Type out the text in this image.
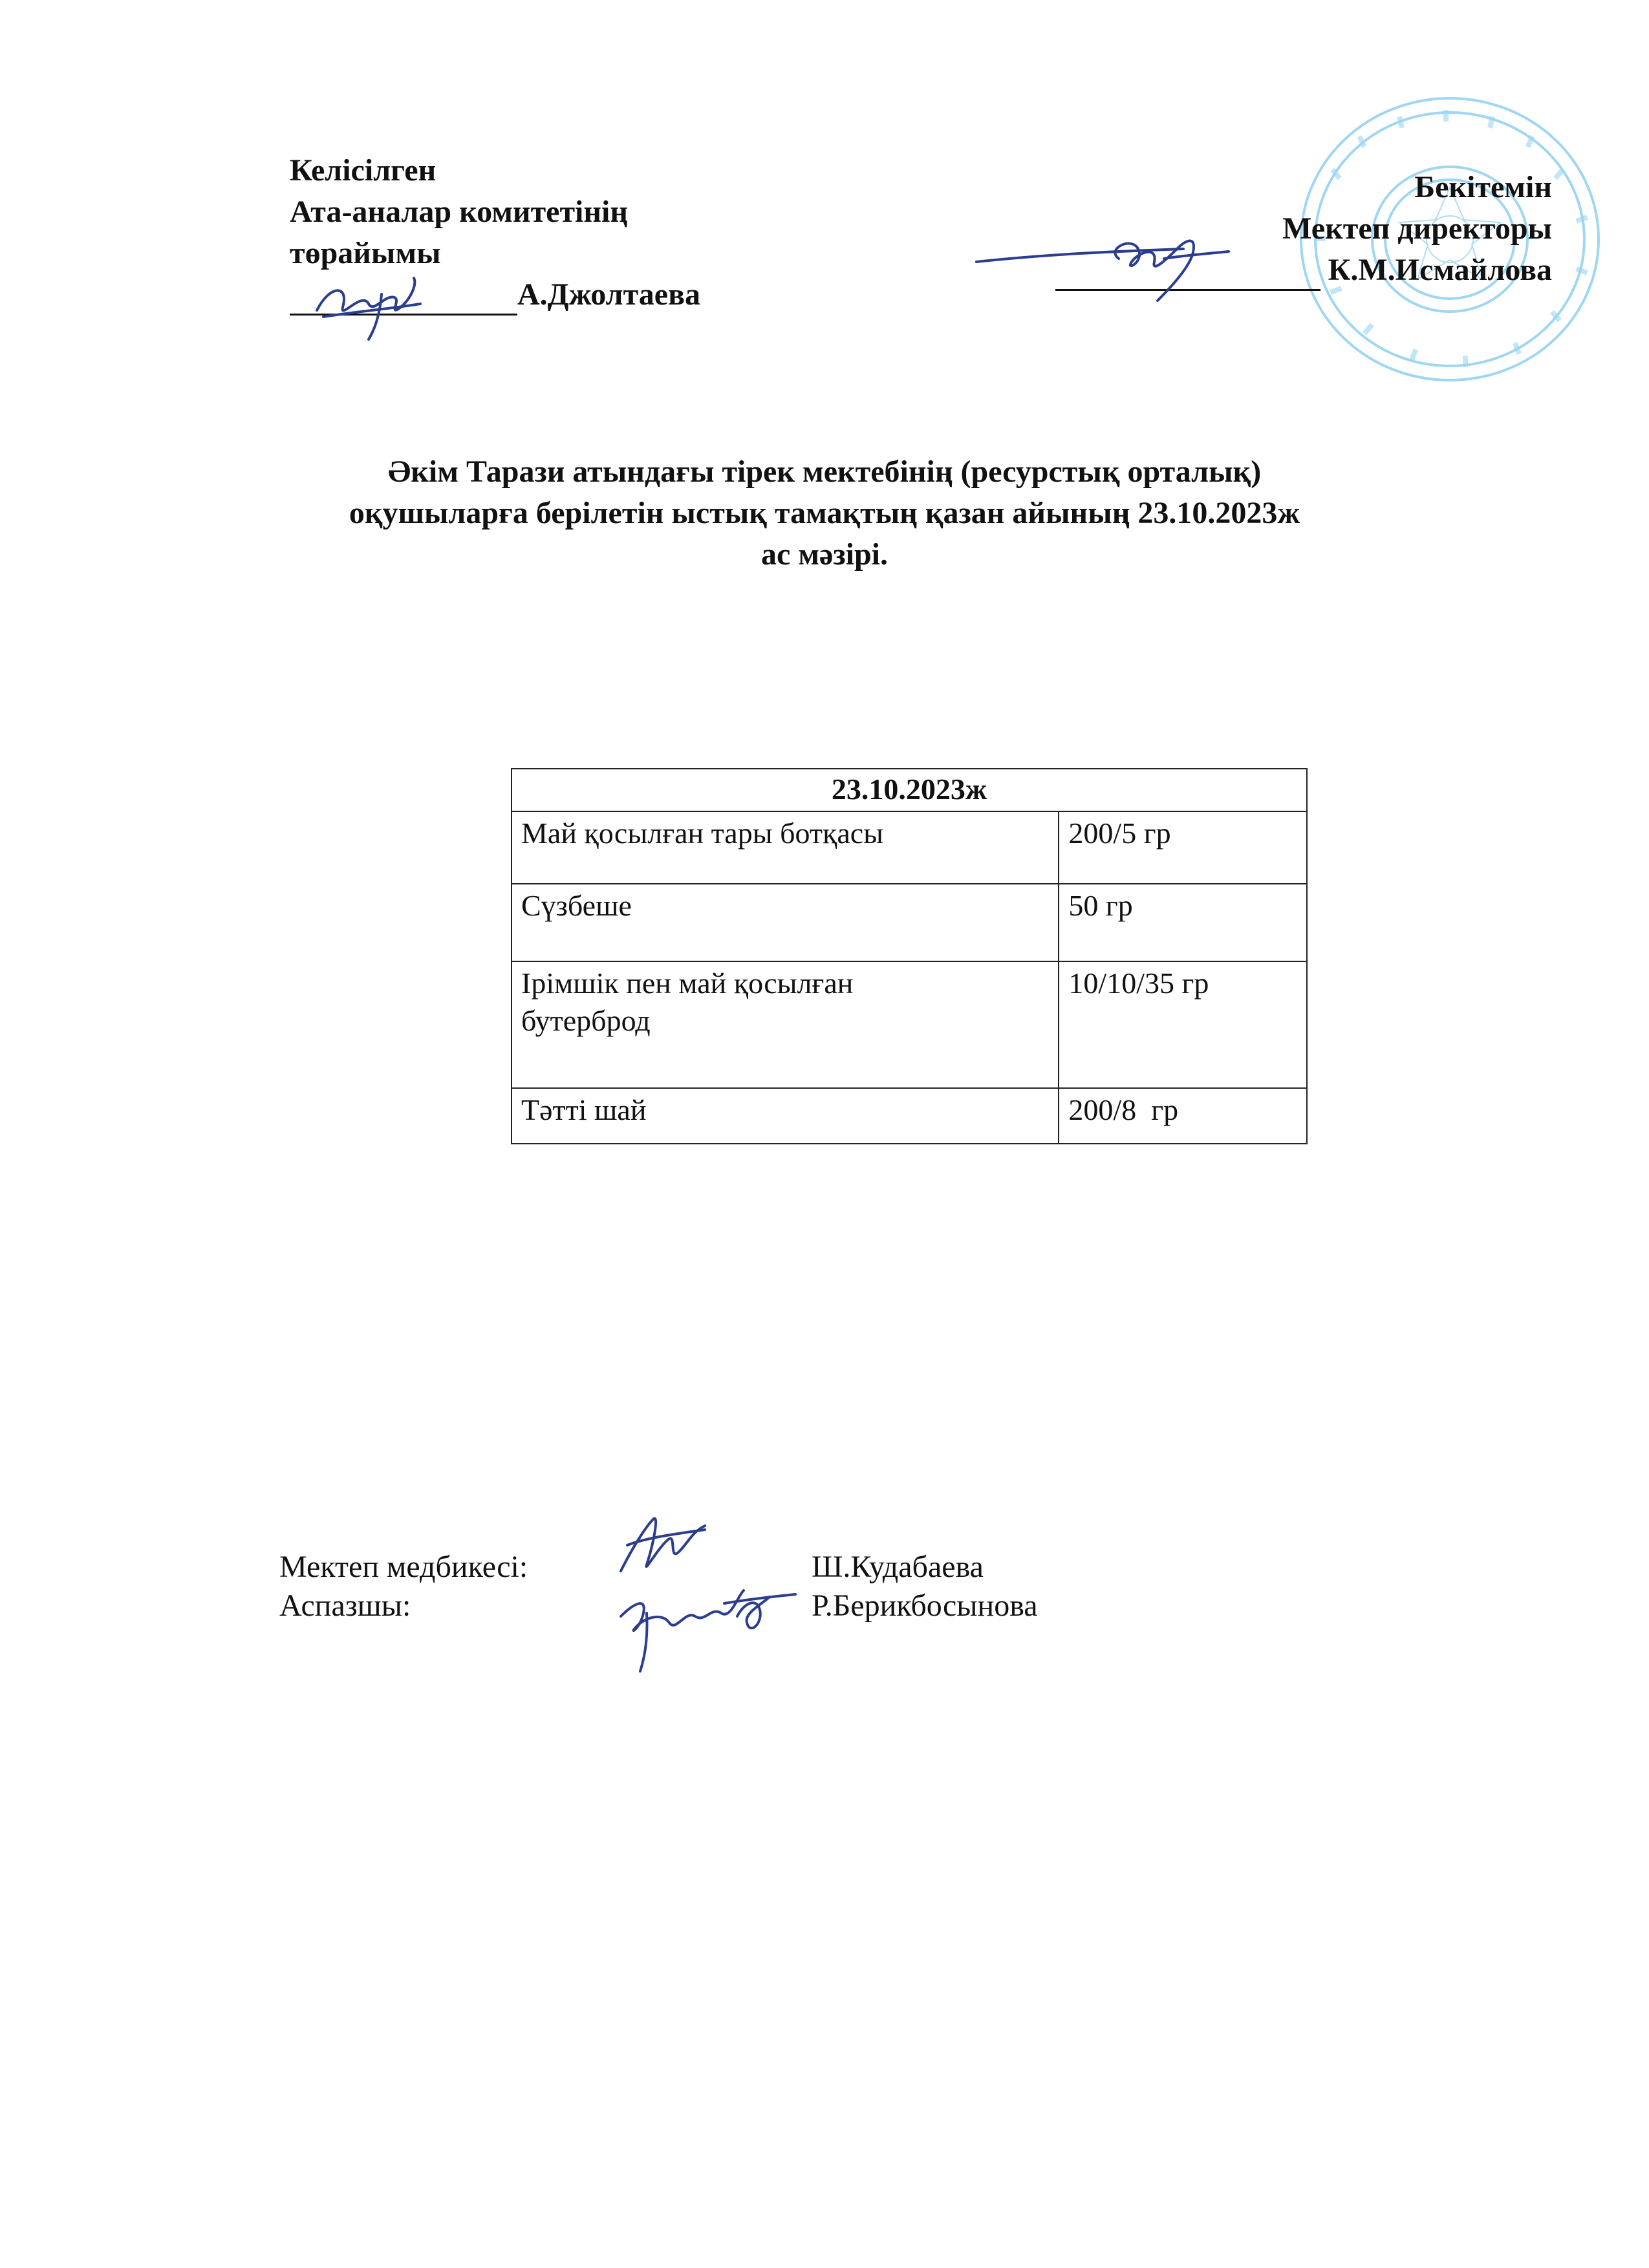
Келісілген
Ата-аналар комитетінің
төрайымы
А.Джолтаева
Бекітемін
Мектеп директоры
К.М.Исмайлова
Әкім Тарази атындағы тірек мектебінің (ресурстық орталық)
оқушыларға берілетін ыстық тамақтың қазан айының 23.10.2023ж
ас мәзірі.
23.10.2023ж	
Май қосылған тары ботқасы	200/5 гр
Сүзбеше	50 гр
Ірімшік пен май қосылған бутерброд	10/10/35 гр
Тәтті шай	200/8  гр
Мектеп медбикесі:
Аспазшы:
Ш.Кудабаева
Р.Берикбосынова
